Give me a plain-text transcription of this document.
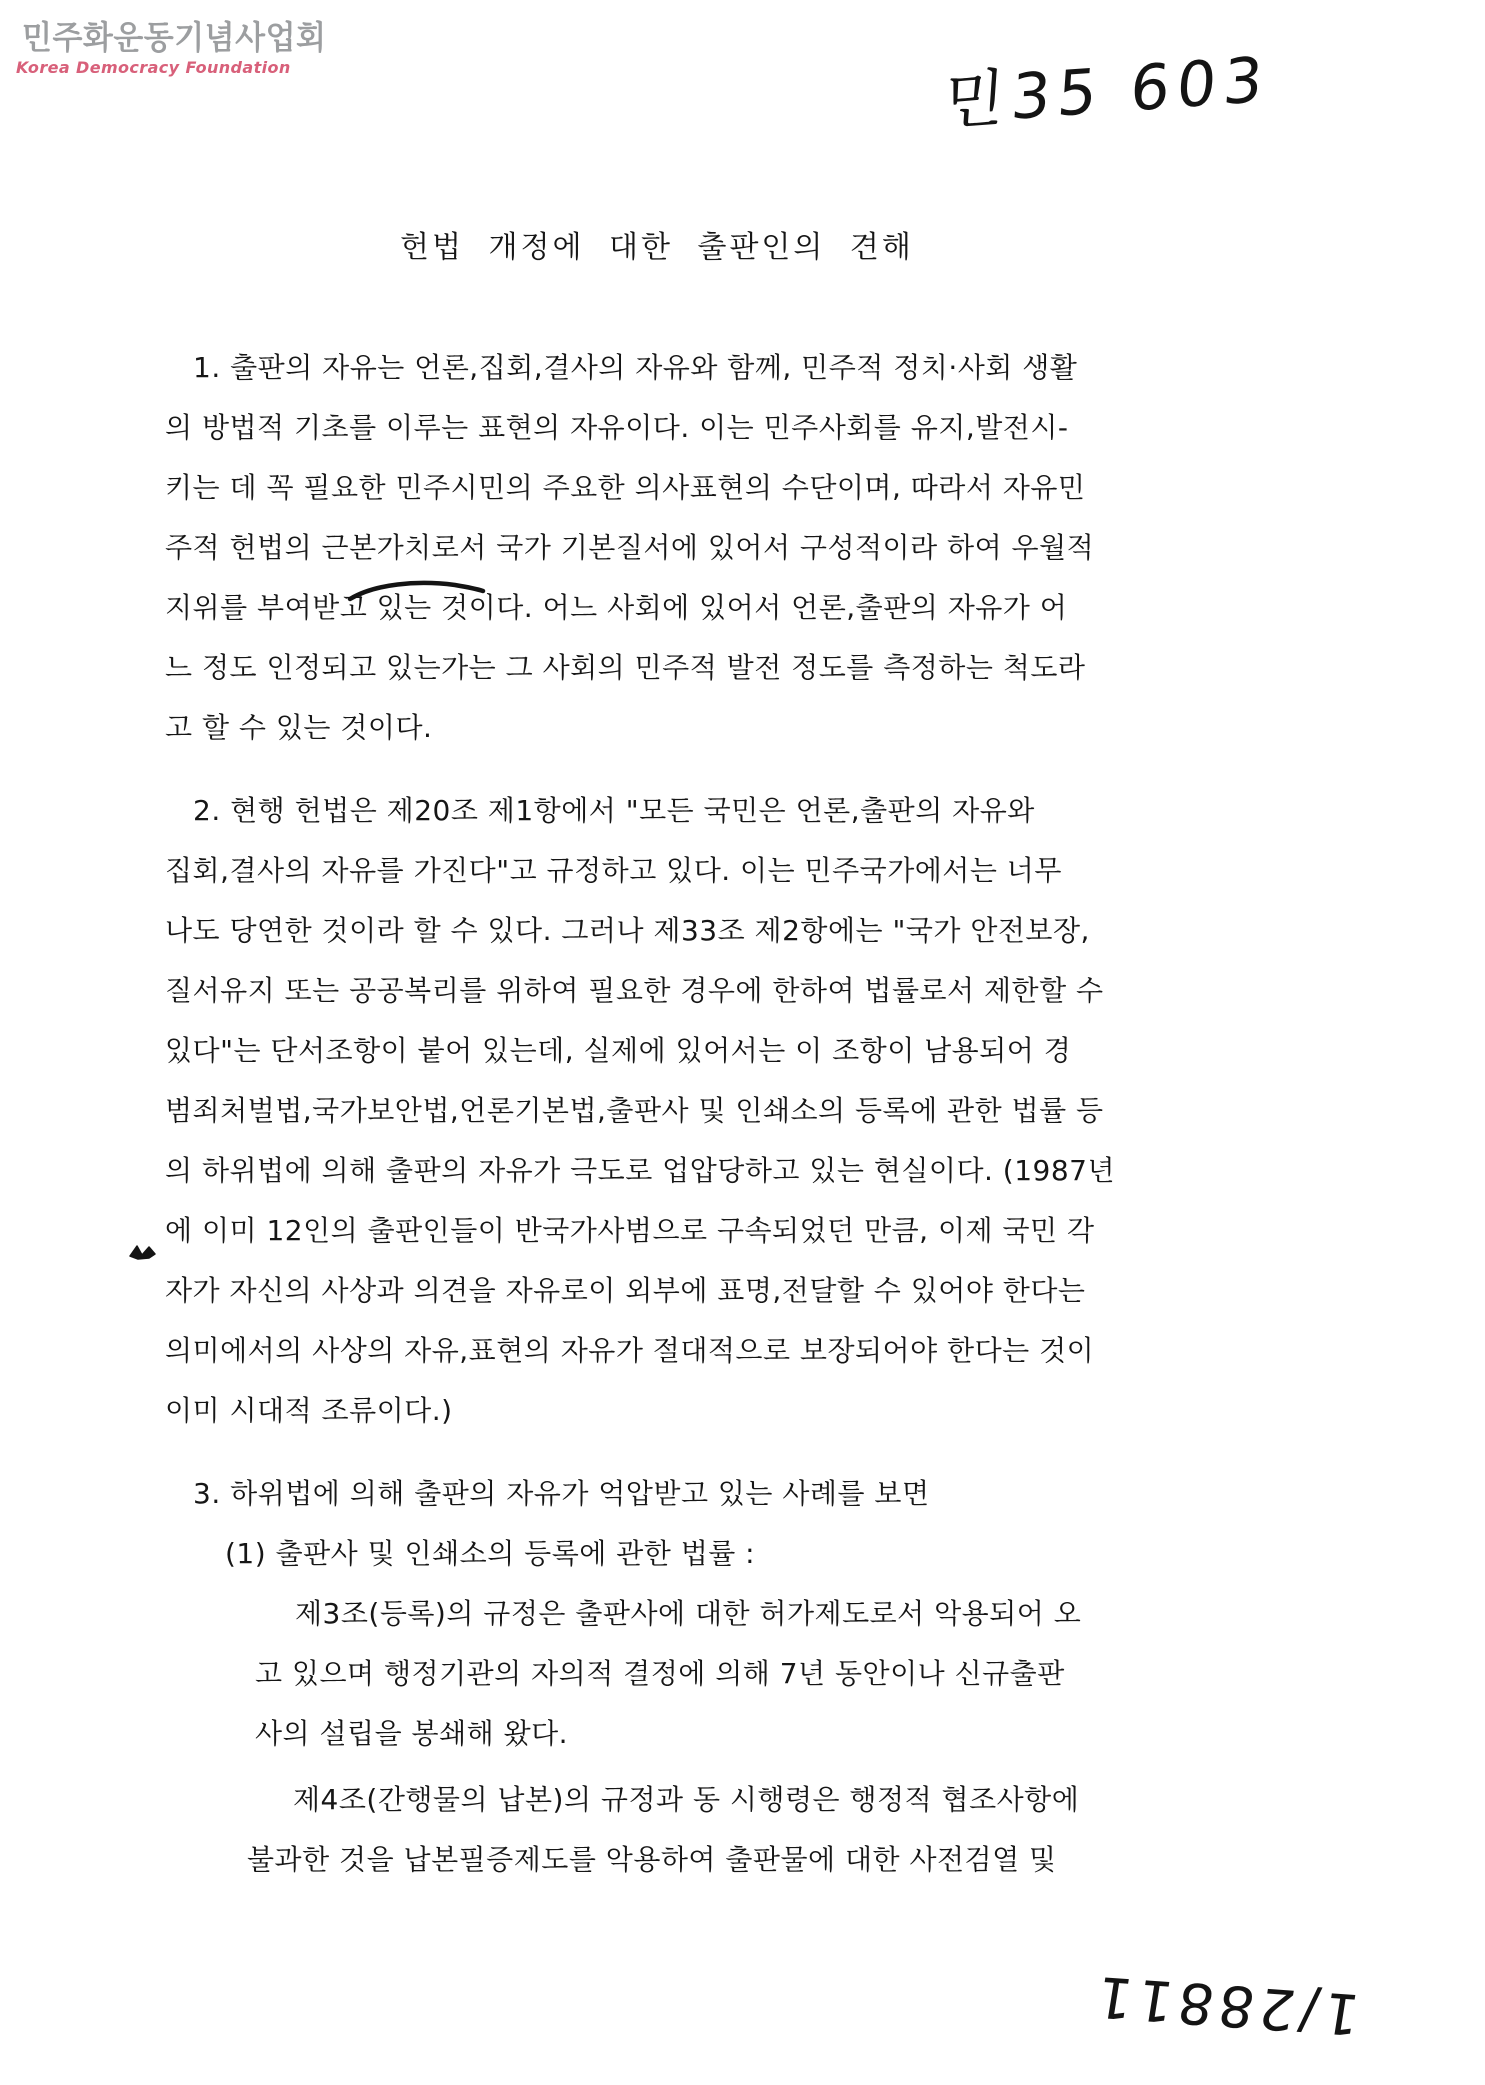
민주화운동기념사업회
Korea Democracy Foundation	민35 603
헌법 개정에 대한 출판인의 견해
1. 출판의 자유는 언론,집회,결사의 자유와 함께, 민주적 정치·사회 생활
의 방법적 기초를 이루는 표현의 자유이다. 이는 민주사회를 유지,발전시-
키는 데 꼭 필요한 민주시민의 주요한 의사표현의 수단이며, 따라서 자유민
주적 헌법의 근본가치로서 국가 기본질서에 있어서 구성적이라 하여 우월적
지위를 부여받고 있는 것이다. 어느 사회에 있어서 언론,출판의 자유가 어
느 정도 인정되고 있는가는 그 사회의 민주적 발전 정도를 측정하는 척도라
고 할 수 있는 것이다.
2. 현행 헌법은 제20조 제1항에서 "모든 국민은 언론,출판의 자유와
집회,결사의 자유를 가진다"고 규정하고 있다. 이는 민주국가에서는 너무
나도 당연한 것이라 할 수 있다. 그러나 제33조 제2항에는 "국가 안전보장,
질서유지 또는 공공복리를 위하여 필요한 경우에 한하여 법률로서 제한할 수
있다"는 단서조항이 붙어 있는데, 실제에 있어서는 이 조항이 남용되어 경
범죄처벌법,국가보안법,언론기본법,출판사 및 인쇄소의 등록에 관한 법률 등
의 하위법에 의해 출판의 자유가 극도로 업압당하고 있는 현실이다. (1987년
에 이미 12인의 출판인들이 반국가사범으로 구속되었던 만큼, 이제 국민 각
자가 자신의 사상과 의견을 자유로이 외부에 표명,전달할 수 있어야 한다는
의미에서의 사상의 자유,표현의 자유가 절대적으로 보장되어야 한다는 것이
이미 시대적 조류이다.)
3. 하위법에 의해 출판의 자유가 억압받고 있는 사례를 보면
(1) 출판사 및 인쇄소의 등록에 관한 법률 :
제3조(등록)의 규정은 출판사에 대한 허가제도로서 악용되어 오
고 있으며 행정기관의 자의적 결정에 의해 7년 동안이나 신규출판
사의 설립을 봉쇄해 왔다.
제4조(간행물의 납본)의 규정과 동 시행령은 행정적 협조사항에
불과한 것을 납본필증제도를 악용하여 출판물에 대한 사전검열 및
1/28811
